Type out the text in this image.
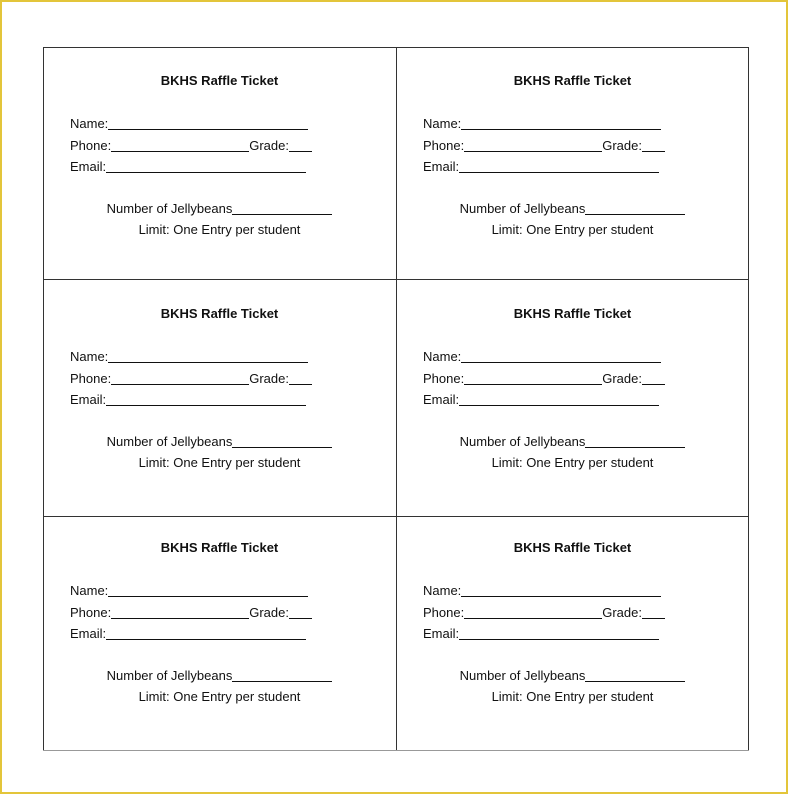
BKHS Raffle Ticket
Name:
Phone:	Grade:
Email:
Number of Jellybeans
Limit: One Entry per student
BKHS Raffle Ticket
Name:
Phone:	Grade:
Email:
Number of Jellybeans
Limit: One Entry per student
BKHS Raffle Ticket
Name:
Phone:	Grade:
Email:
Number of Jellybeans
Limit: One Entry per student
BKHS Raffle Ticket
Name:
Phone:	Grade:
Email:
Number of Jellybeans
Limit: One Entry per student
BKHS Raffle Ticket
Name:
Phone:	Grade:
Email:
Number of Jellybeans
Limit: One Entry per student
BKHS Raffle Ticket
Name:
Phone:	Grade:
Email:
Number of Jellybeans
Limit: One Entry per student
